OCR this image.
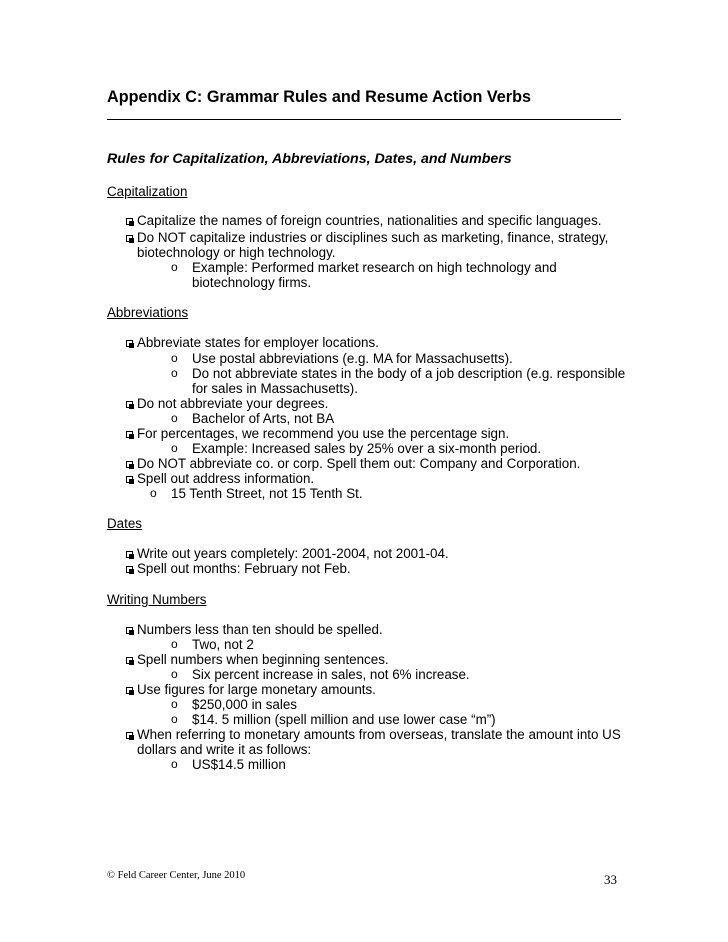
Appendix C: Grammar Rules and Resume Action Verbs
Rules for Capitalization, Abbreviations, Dates, and Numbers
Capitalization
Capitalize the names of foreign countries, nationalities and specific languages.
Do NOT capitalize industries or disciplines such as marketing, finance, strategy,
biotechnology or high technology.
o Example: Performed market research on high technology and
biotechnology firms.
Abbreviations
Abbreviate states for employer locations.
o Use postal abbreviations (e.g. MA for Massachusetts).
o Do not abbreviate states in the body of a job description (e.g. responsible
for sales in Massachusetts).
Do not abbreviate your degrees.
o Bachelor of Arts, not BA
For percentages, we recommend you use the percentage sign.
o Example: Increased sales by 25% over a six-month period.
Do NOT abbreviate co. or corp. Spell them out: Company and Corporation.
Spell out address information.
o 15 Tenth Street, not 15 Tenth St.
Dates
Write out years completely: 2001-2004, not 2001-04.
Spell out months: February not Feb.
Writing Numbers
Numbers less than ten should be spelled.
o Two, not 2
Spell numbers when beginning sentences.
o Six percent increase in sales, not 6% increase.
Use figures for large monetary amounts.
o $250,000 in sales
o $14. 5 million (spell million and use lower case “m”)
When referring to monetary amounts from overseas, translate the amount into US
dollars and write it as follows:
o US$14.5 million
© Feld Career Center, June 2010	33
